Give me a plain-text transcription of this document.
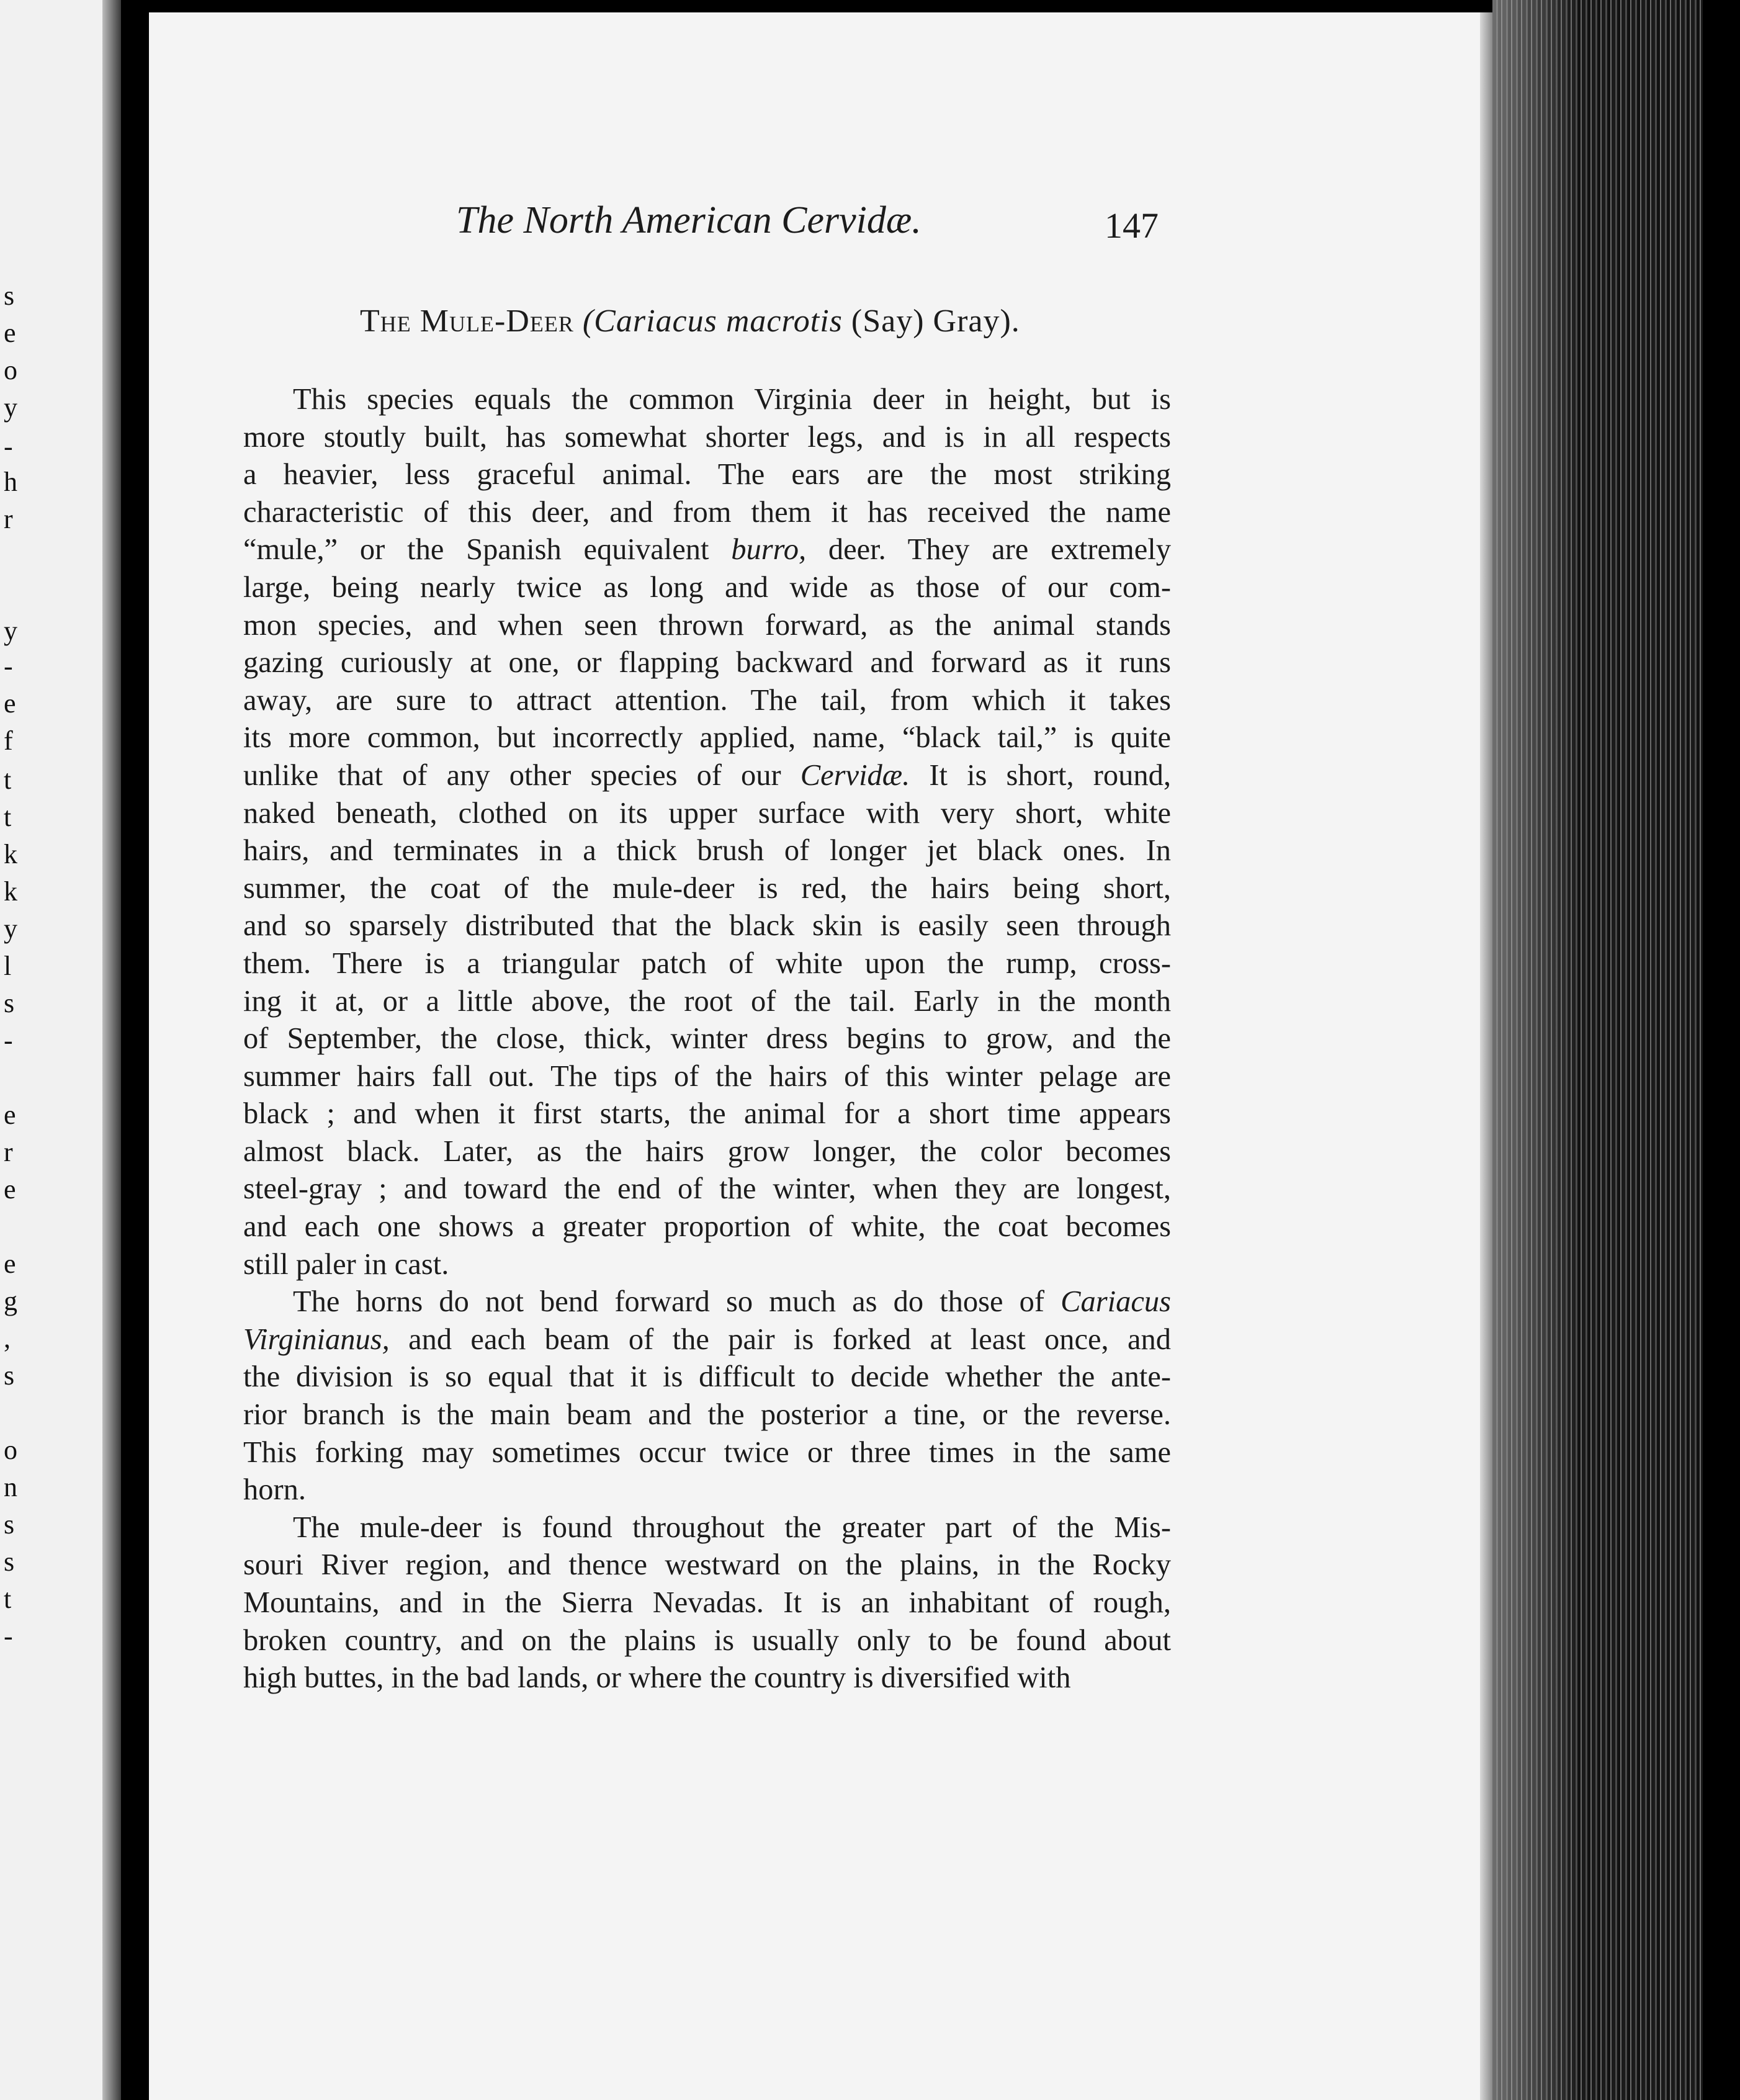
s
e
o
y
-
h
r
y
-
e
f
t
t
k
k
y
l
s
-
e
r
e
e
g
,
s
o
n
s
s
t
-
The North American Cervidæ.	147
The Mule-Deer (Cariacus macrotis (Say) Gray).
This species equals the common Virginia deer in height, but is
more stoutly built, has somewhat shorter legs, and is in all respects
a heavier, less graceful animal. The ears are the most striking
characteristic of this deer, and from them it has received the name
“mule,” or the Spanish equivalent burro, deer. They are extremely
large, being nearly twice as long and wide as those of our com-
mon species, and when seen thrown forward, as the animal stands
gazing curiously at one, or flapping backward and forward as it runs
away, are sure to attract attention. The tail, from which it takes
its more common, but incorrectly applied, name, “black tail,” is quite
unlike that of any other species of our Cervidæ. It is short, round,
naked beneath, clothed on its upper surface with very short, white
hairs, and terminates in a thick brush of longer jet black ones. In
summer, the coat of the mule-deer is red, the hairs being short,
and so sparsely distributed that the black skin is easily seen through
them. There is a triangular patch of white upon the rump, cross-
ing it at, or a little above, the root of the tail. Early in the month
of September, the close, thick, winter dress begins to grow, and the
summer hairs fall out. The tips of the hairs of this winter pelage are
black ; and when it first starts, the animal for a short time appears
almost black. Later, as the hairs grow longer, the color becomes
steel-gray ; and toward the end of the winter, when they are longest,
and each one shows a greater proportion of white, the coat becomes
still paler in cast.
The horns do not bend forward so much as do those of Cariacus
Virginianus, and each beam of the pair is forked at least once, and
the division is so equal that it is difficult to decide whether the ante-
rior branch is the main beam and the posterior a tine, or the reverse.
This forking may sometimes occur twice or three times in the same
horn.
The mule-deer is found throughout the greater part of the Mis-
souri River region, and thence westward on the plains, in the Rocky
Mountains, and in the Sierra Nevadas. It is an inhabitant of rough,
broken country, and on the plains is usually only to be found about
high buttes, in the bad lands, or where the country is diversified with
